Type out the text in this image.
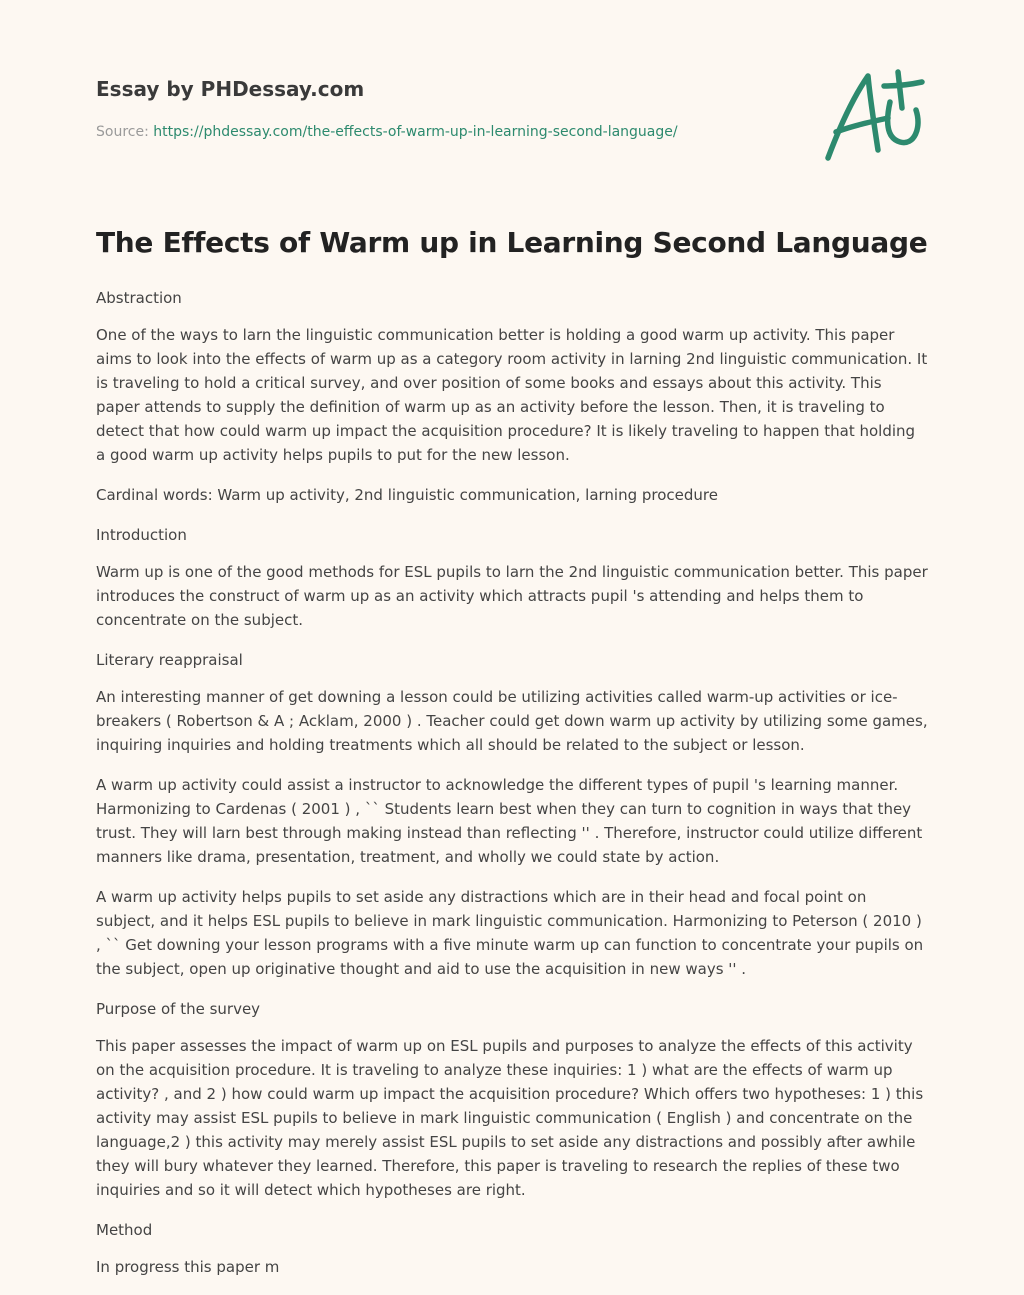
Essay by PHDessay.com
Source: https://phdessay.com/the-effects-of-warm-up-in-learning-second-language/
The Effects of Warm up in Learning Second Language

Abstraction

One of the ways to larn the linguistic communication better is holding a good warm up activity. This paper aims to look into the effects of warm up as a category room activity in larning 2nd linguistic communication. It is traveling to hold a critical survey, and over position of some books and essays about this activity. This paper attends to supply the definition of warm up as an activity before the lesson. Then, it is traveling to detect that how could warm up impact the acquisition procedure? It is likely traveling to happen that holding a good warm up activity helps pupils to put for the new lesson.

Cardinal words: Warm up activity, 2nd linguistic communication, larning procedure

Introduction

Warm up is one of the good methods for ESL pupils to larn the 2nd linguistic communication better. This paper introduces the construct of warm up as an activity which attracts pupil 's attending and helps them to concentrate on the subject.

Literary reappraisal

An interesting manner of get downing a lesson could be utilizing activities called warm-up activities or ice-breakers ( Robertson & A ; Acklam, 2000 ) . Teacher could get down warm up activity by utilizing some games, inquiring inquiries and holding treatments which all should be related to the subject or lesson.

A warm up activity could assist a instructor to acknowledge the different types of pupil 's learning manner. Harmonizing to Cardenas ( 2001 ) , `` Students learn best when they can turn to cognition in ways that they trust. They will larn best through making instead than reflecting '' . Therefore, instructor could utilize different manners like drama, presentation, treatment, and wholly we could state by action.

A warm up activity helps pupils to set aside any distractions which are in their head and focal point on subject, and it helps ESL pupils to believe in mark linguistic communication. Harmonizing to Peterson ( 2010 ) , `` Get downing your lesson programs with a five minute warm up can function to concentrate your pupils on the subject, open up originative thought and aid to use the acquisition in new ways '' .

Purpose of the survey

This paper assesses the impact of warm up on ESL pupils and purposes to analyze the effects of this activity on the acquisition procedure. It is traveling to analyze these inquiries: 1 ) what are the effects of warm up activity? , and 2 ) how could warm up impact the acquisition procedure? Which offers two hypotheses: 1 ) this activity may assist ESL pupils to believe in mark linguistic communication ( English ) and concentrate on the language,2 ) this activity may merely assist ESL pupils to set aside any distractions and possibly after awhile they will bury whatever they learned. Therefore, this paper is traveling to research the replies of these two inquiries and so it will detect which hypotheses are right.

Method

In progress this paper m
